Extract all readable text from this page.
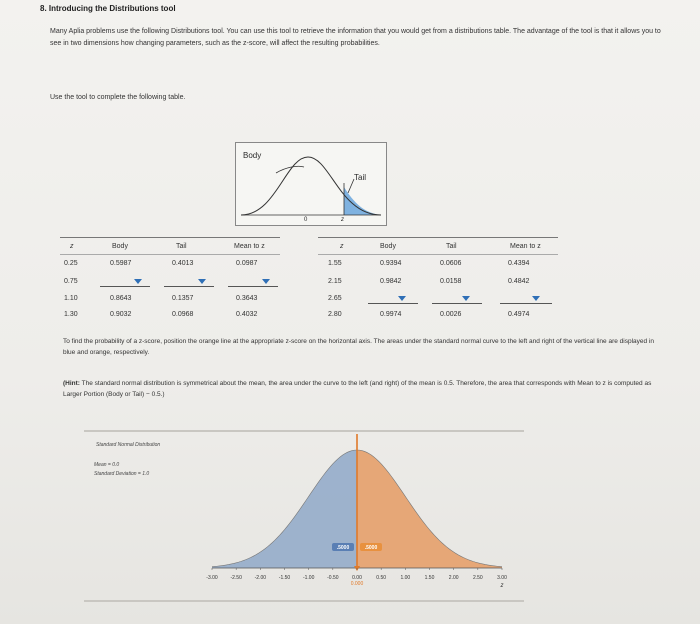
8. Introducing the Distributions tool
Many Aplia problems use the following Distributions tool. You can use this tool to retrieve the information that you would get from a distributions table. The advantage of the tool is that it allows you to see in two dimensions how changing parameters, such as the z-score, will affect the resulting probabilities.
Use the tool to complete the following table.
Body
Tail
0	z
z	Body	Tail	Mean to z
0.25	0.5987	0.4013	0.0987
0.75
1.10	0.8643	0.1357	0.3643
1.30	0.9032	0.0968	0.4032
z	Body	Tail	Mean to z
1.55	0.9394	0.0606	0.4394
2.15	0.9842	0.0158	0.4842
2.65
2.80	0.9974	0.0026	0.4974
To find the probability of a z-score, position the orange line at the appropriate z-score on the horizontal axis. The areas under the standard normal curve to the left and right of the vertical line are displayed in blue and orange, respectively.
(Hint: The standard normal distribution is symmetrical about the mean, the area under the curve to the left (and right) of the mean is 0.5. Therefore, the area that corresponds with Mean to z is computed as Larger Portion (Body or Tail) − 0.5.)
.5000	.5000
-3.00	-2.50	-2.00	-1.50	-1.00	-0.50	0.00	0.50	1.00	1.50	2.00	2.50	3.00
0.000	z
Standard Normal Distribution
Mean = 0.0
Standard Deviation = 1.0
